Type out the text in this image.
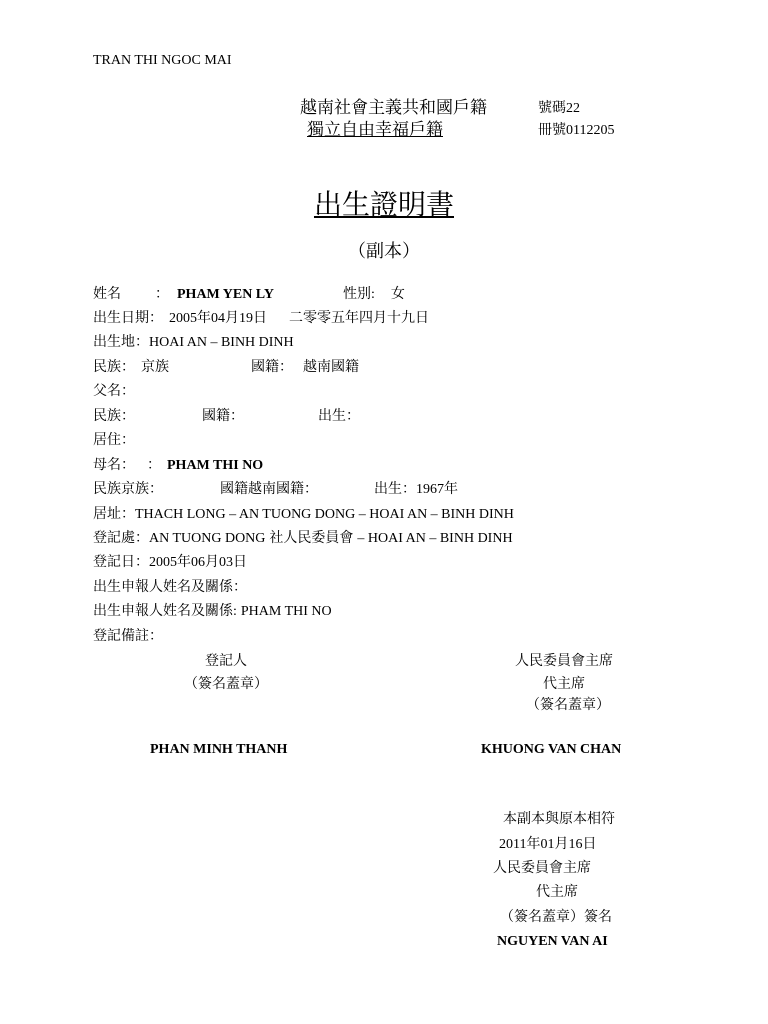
TRAN THI NGOC MAI
越南社會主義共和國戶籍
獨立自由幸福戶籍
號碼22
冊號0112205
出生證明書
（副本）
姓名 ： PHAM YEN LY	性別: 女
出生日期： 2005年04月19日 二零零五年四月十九日
出生地：HOAI AN – BINH DINH
民族： 京族	國籍： 越南國籍
父名：
民族：	國籍：	出生：
居住：
母名： ： PHAM THI NO
民族京族：	國籍越南國籍：	出生：1967年
居址：THACH LONG – AN TUONG DONG – HOAI AN – BINH DINH
登記處：AN TUONG DONG 社人民委員會 – HOAI AN – BINH DINH
登記日：2005年06月03日
出生申報人姓名及關係：
出生申報人姓名及關係: PHAM THI NO
登記備註：
登記人
（簽名蓋章）
人民委員會主席
代主席
（簽名蓋章）
PHAN MINH THANH	KHUONG VAN CHAN
本副本與原本相符
2011年01月16日
人民委員會主席
代主席
（簽名蓋章）簽名
NGUYEN VAN AI
